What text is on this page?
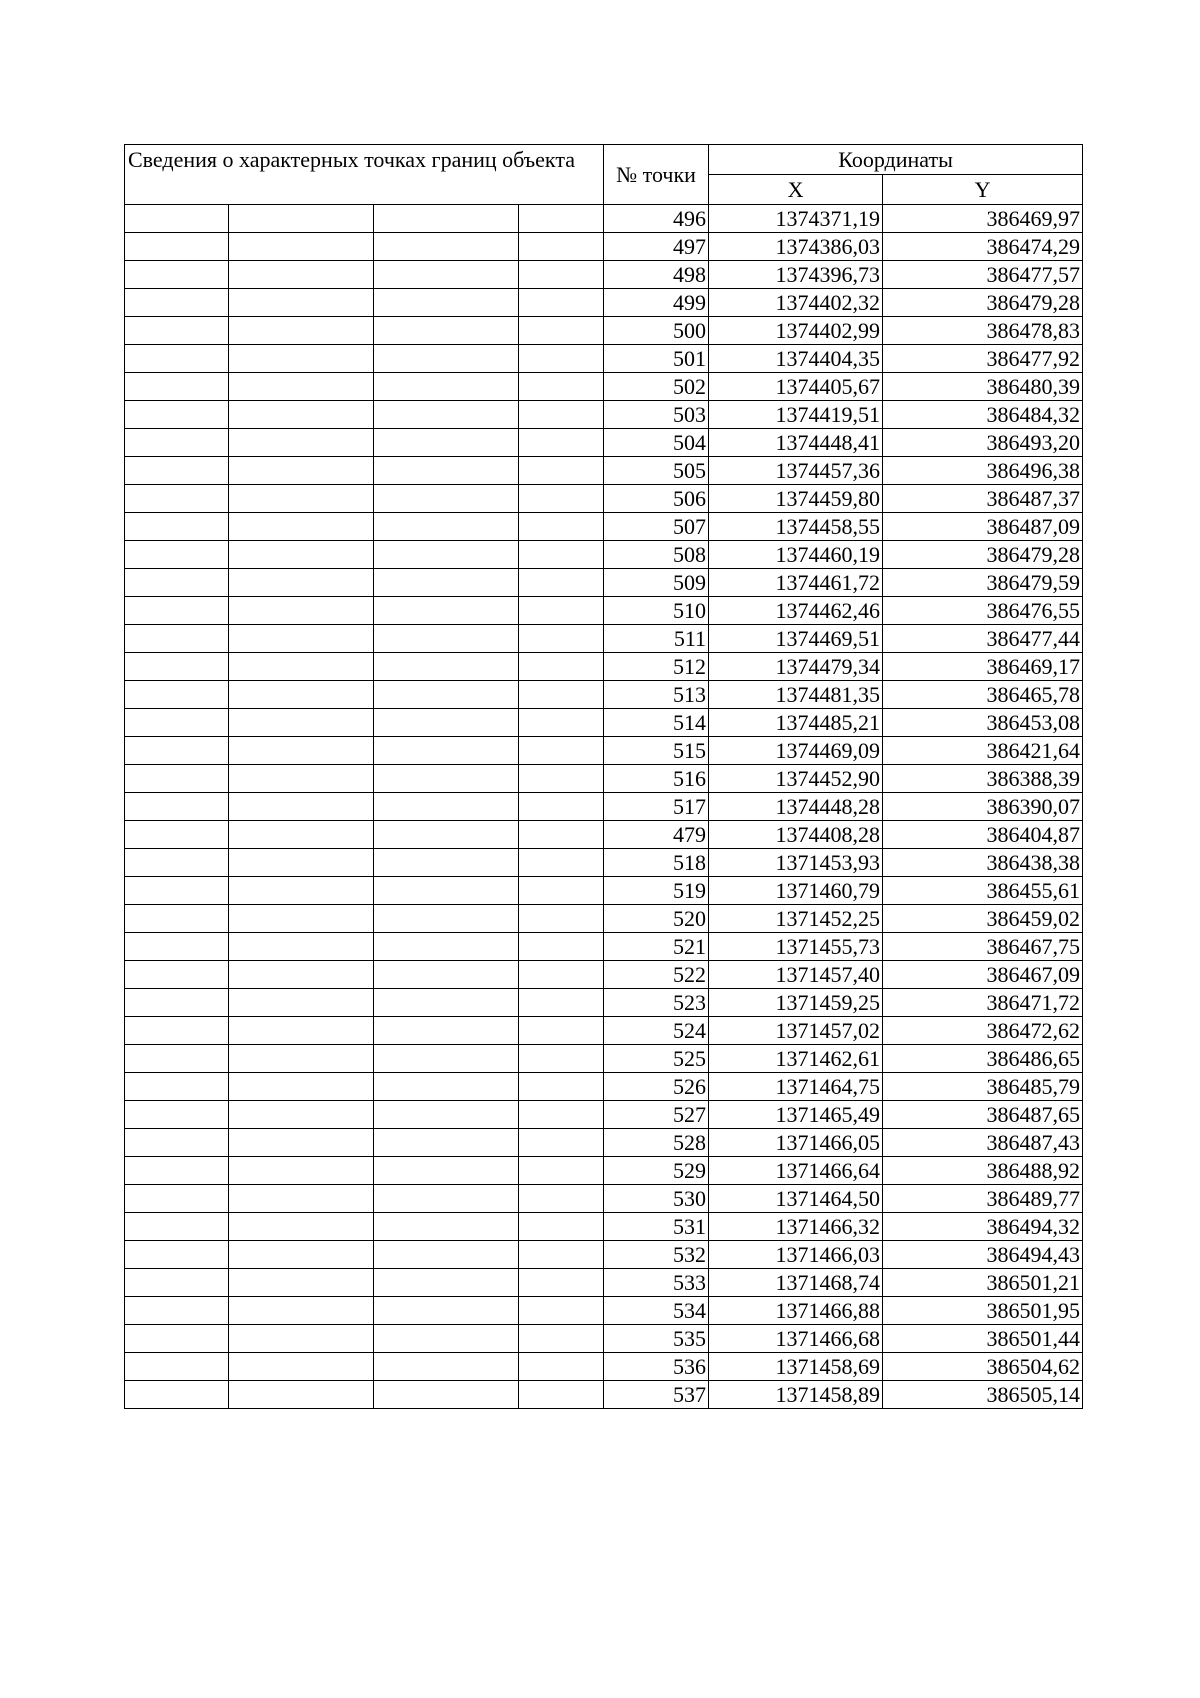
Сведения о характерных точках границ объекта				№ точки	Координаты	
					X	Y
				496	1374371,19	386469,97
				497	1374386,03	386474,29
				498	1374396,73	386477,57
				499	1374402,32	386479,28
				500	1374402,99	386478,83
				501	1374404,35	386477,92
				502	1374405,67	386480,39
				503	1374419,51	386484,32
				504	1374448,41	386493,20
				505	1374457,36	386496,38
				506	1374459,80	386487,37
				507	1374458,55	386487,09
				508	1374460,19	386479,28
				509	1374461,72	386479,59
				510	1374462,46	386476,55
				511	1374469,51	386477,44
				512	1374479,34	386469,17
				513	1374481,35	386465,78
				514	1374485,21	386453,08
				515	1374469,09	386421,64
				516	1374452,90	386388,39
				517	1374448,28	386390,07
				479	1374408,28	386404,87
				518	1371453,93	386438,38
				519	1371460,79	386455,61
				520	1371452,25	386459,02
				521	1371455,73	386467,75
				522	1371457,40	386467,09
				523	1371459,25	386471,72
				524	1371457,02	386472,62
				525	1371462,61	386486,65
				526	1371464,75	386485,79
				527	1371465,49	386487,65
				528	1371466,05	386487,43
				529	1371466,64	386488,92
				530	1371464,50	386489,77
				531	1371466,32	386494,32
				532	1371466,03	386494,43
				533	1371468,74	386501,21
				534	1371466,88	386501,95
				535	1371466,68	386501,44
				536	1371458,69	386504,62
				537	1371458,89	386505,14
